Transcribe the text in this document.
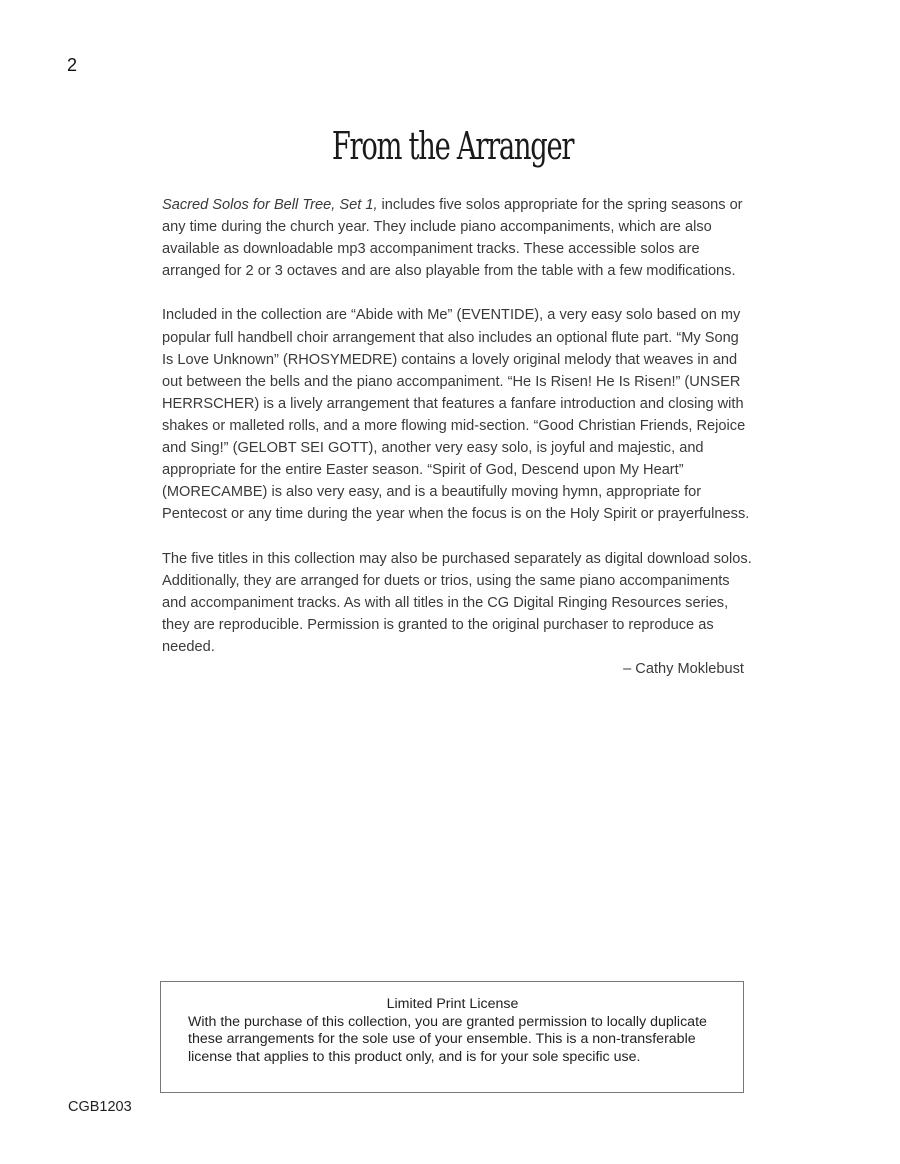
2
From the Arranger

Sacred Solos for Bell Tree, Set 1, includes five solos appropriate for the spring seasons or any time during the church year. They include piano accompaniments, which are also available as downloadable mp3 accompaniment tracks. These accessible solos are arranged for 2 or 3 octaves and are also playable from the table with a few modifications.

Included in the collection are “Abide with Me” (EVENTIDE), a very easy solo based on my popular full handbell choir arrangement that also includes an optional flute part. “My Song Is Love Unknown” (RHOSYMEDRE) contains a lovely original melody that weaves in and out between the bells and the piano accompaniment. “He Is Risen! He Is Risen!” (UNSER HERRSCHER) is a lively arrangement that features a fanfare introduction and closing with shakes or malleted rolls, and a more flowing mid-section. “Good Christian Friends, Rejoice and Sing!” (GELOBT SEI GOTT), another very easy solo, is joyful and majestic, and appropriate for the entire Easter season. “Spirit of God, Descend upon My Heart” (MORECAMBE) is also very easy, and is a beautifully moving hymn, appropriate for Pentecost or any time during the year when the focus is on the Holy Spirit or prayerfulness.

The five titles in this collection may also be purchased separately as digital download solos. Additionally, they are arranged for duets or trios, using the same piano accompaniments and accompaniment tracks. As with all titles in the CG Digital Ringing Resources series, they are reproducible. Permission is granted to the original purchaser to reproduce as needed.

– Cathy Moklebust

Limited Print License

With the purchase of this collection, you are granted permission to locally duplicate these arrangements for the sole use of your ensemble. This is a non-transferable license that applies to this product only, and is for your sole specific use.

CGB1203
